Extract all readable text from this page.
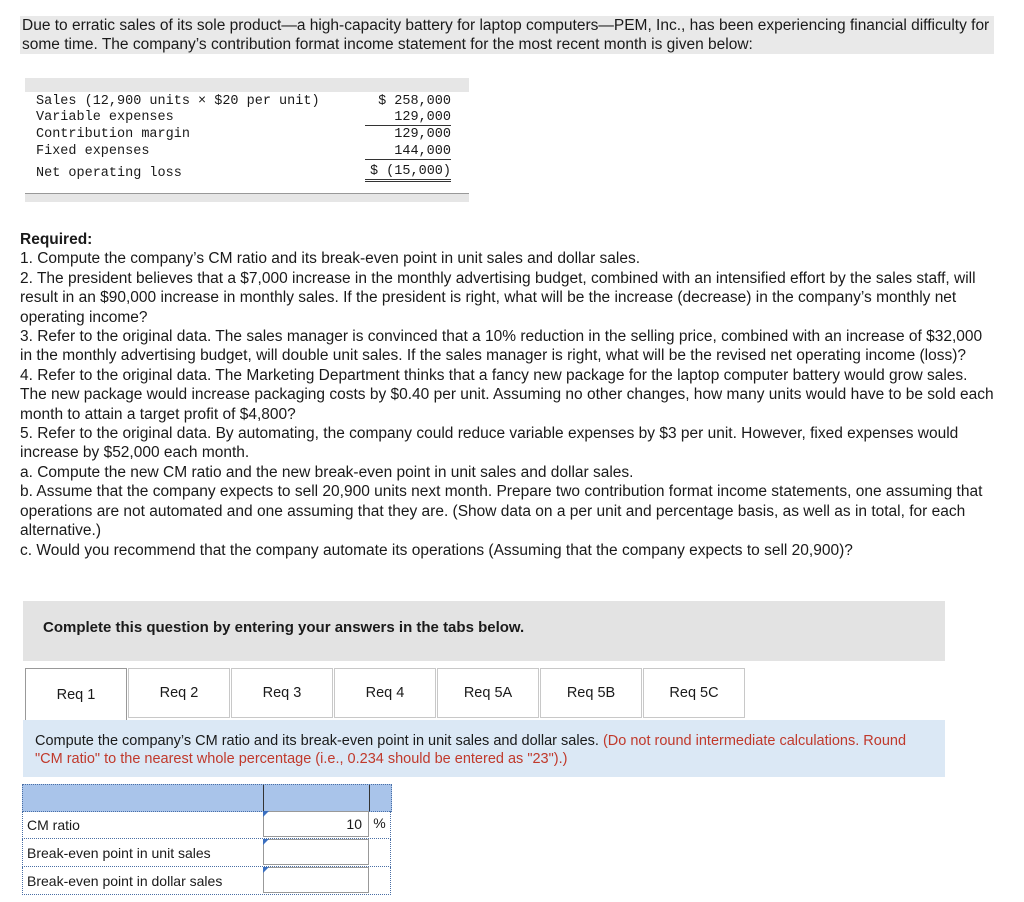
Due to erratic sales of its sole product—a high-capacity battery for laptop computers—PEM, Inc., has been experiencing financial difficulty for some time. The company’s contribution format income statement for the most recent month is given below:
Sales (12,900 units × $20 per unit)	$ 258,000
Variable expenses	129,000
Contribution margin	129,000
Fixed expenses	144,000
Net operating loss	$ (15,000)

Required:

1. Compute the company’s CM ratio and its break-even point in unit sales and dollar sales.

2. The president believes that a $7,000 increase in the monthly advertising budget, combined with an intensified effort by the sales staff, will result in an $90,000 increase in monthly sales. If the president is right, what will be the increase (decrease) in the company’s monthly net operating income?

3. Refer to the original data. The sales manager is convinced that a 10% reduction in the selling price, combined with an increase of $32,000 in the monthly advertising budget, will double unit sales. If the sales manager is right, what will be the revised net operating income (loss)?

4. Refer to the original data. The Marketing Department thinks that a fancy new package for the laptop computer battery would grow sales. The new package would increase packaging costs by $0.40 per unit. Assuming no other changes, how many units would have to be sold each month to attain a target profit of $4,800?

5. Refer to the original data. By automating, the company could reduce variable expenses by $3 per unit. However, fixed expenses would increase by $52,000 each month.

a. Compute the new CM ratio and the new break-even point in unit sales and dollar sales.

b. Assume that the company expects to sell 20,900 units next month. Prepare two contribution format income statements, one assuming that operations are not automated and one assuming that they are. (Show data on a per unit and percentage basis, as well as in total, for each alternative.)

c. Would you recommend that the company automate its operations (Assuming that the company expects to sell 20,900)?

Complete this question by entering your answers in the tabs below.
Req 1	Req 2	Req 3	Req 4	Req 5A	Req 5B	Req 5C

Compute the company’s CM ratio and its break-even point in unit sales and dollar sales. (Do not round intermediate calculations. Round "CM ratio" to the nearest whole percentage (i.e., 0.234 should be entered as "23").)

CM ratio	10 %
Break-even point in unit sales
Break-even point in dollar sales
